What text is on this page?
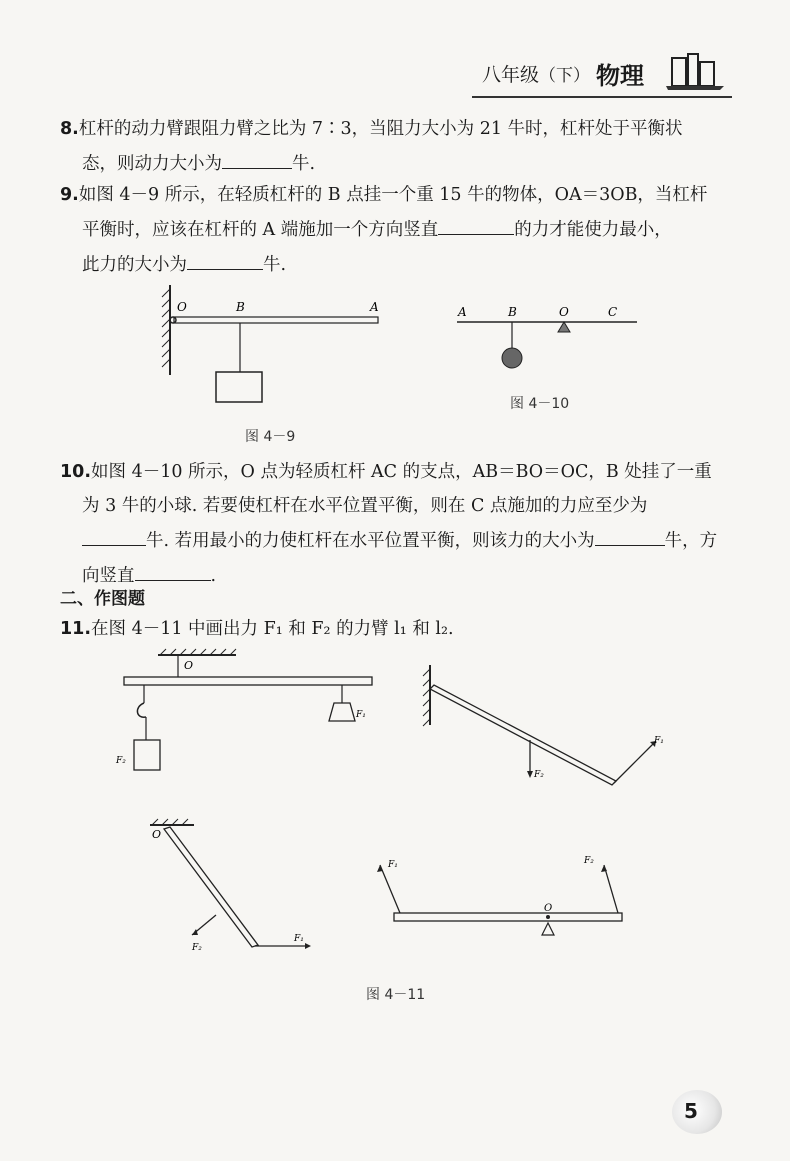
八年级 （下） 物理
8.杠杆的动力臂跟阻力臂之比为 7∶3，当阻力大小为 21 牛时，杠杆处于平衡状
态，则动力大小为	牛.
9.如图 4－9 所示，在轻质杠杆的 B 点挂一个重 15 牛的物体，OA＝3OB，当杠杆
平衡时，应该在杠杆的 A 端施加一个方向竖直	的力才能使力最小，
此力的大小为	牛.
O	B	A
图 4－9
A	B	O	C
图 4－10
10.如图 4－10 所示，O 点为轻质杠杆 AC 的支点，AB＝BO＝OC，B 处挂了一重
为 3 牛的小球. 若要使杠杆在水平位置平衡，则在 C 点施加的力应至少为
牛. 若用最小的力使杠杆在水平位置平衡，则该力的大小为	牛，方
向竖直	.
二、作图题
11.在图 4－11 中画出力 F₁ 和 F₂ 的力臂 l₁ 和 l₂.
O
F₂
F₁
F₂
F₁
O
F₁
F₂
O
F₁	F₂
图 4－11
5
